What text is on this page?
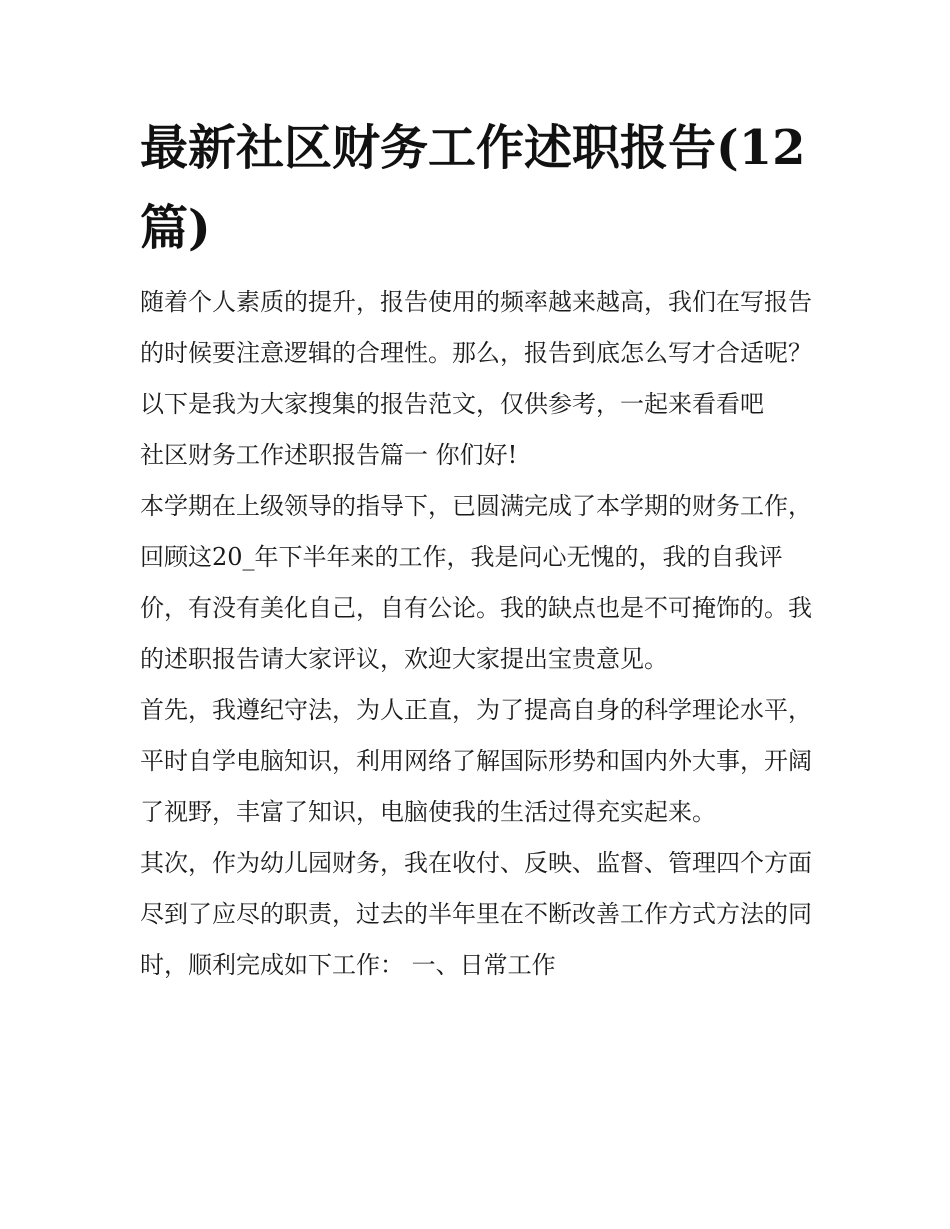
最新社区财务工作述职报告(12篇)

随着个人素质的提升，报告使用的频率越来越高，我们在写报告的时候要注意逻辑的合理性。那么，报告到底怎么写才合适呢？以下是我为大家搜集的报告范文，仅供参考，一起来看看吧

社区财务工作述职报告篇一 你们好!

本学期在上级领导的指导下，已圆满完成了本学期的财务工作，回顾这20_年下半年来的工作，我是问心无愧的，我的自我评价，有没有美化自己，自有公论。我的缺点也是不可掩饰的。我的述职报告请大家评议，欢迎大家提出宝贵意见。

首先，我遵纪守法，为人正直，为了提高自身的科学理论水平，平时自学电脑知识，利用网络了解国际形势和国内外大事，开阔了视野，丰富了知识，电脑使我的生活过得充实起来。

其次，作为幼儿园财务，我在收付、反映、监督、管理四个方面尽到了应尽的职责，过去的半年里在不断改善工作方式方法的同时，顺利完成如下工作： 一、日常工作
